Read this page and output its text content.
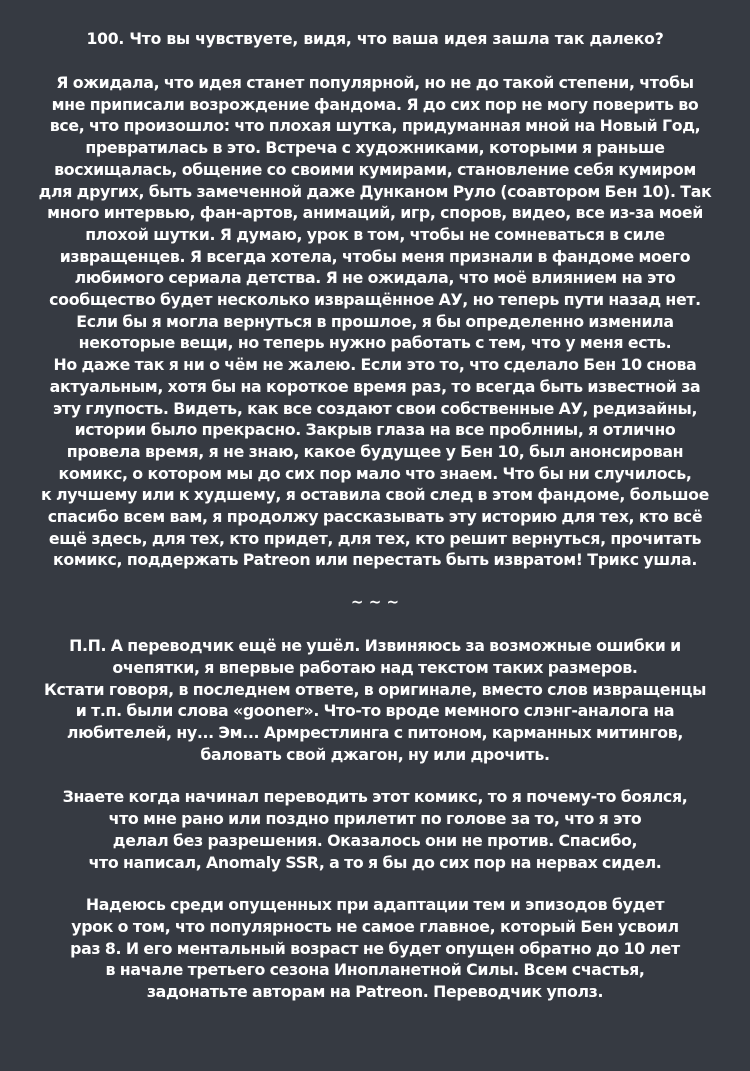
100. Что вы чувствуете, видя, что ваша идея зашла так далеко?
Я ожидала, что идея станет популярной, но не до такой степени, чтобы
мне приписали возрождение фандома. Я до сих пор не могу поверить во
все, что произошло: что плохая шутка, придуманная мной на Новый Год,
превратилась в это. Встреча с художниками, которыми я раньше
восхищалась, общение со своими кумирами, становление себя кумиром
для других, быть замеченной даже Дунканом Руло (соавтором Бен 10). Так
много интервью, фан-артов, анимаций, игр, споров, видео, все из-за моей
плохой шутки. Я думаю, урок в том, чтобы не сомневаться в силе
извращенцев. Я всегда хотела, чтобы меня признали в фандоме моего
любимого сериала детства. Я не ожидала, что моё влиянием на это
сообщество будет несколько извращённое АУ, но теперь пути назад нет.
Если бы я могла вернуться в прошлое, я бы определенно изменила
некоторые вещи, но теперь нужно работать с тем, что у меня есть.
Но даже так я ни о чём не жалею. Если это то, что сделало Бен 10 снова
актуальным, хотя бы на короткое время раз, то всегда быть известной за
эту глупость. Видеть, как все создают свои собственные АУ, редизайны,
истории было прекрасно. Закрыв глаза на все проблниы, я отлично
провела время, я не знаю, какое будущее у Бен 10, был анонсирован
комикс, о котором мы до сих пор мало что знаем. Что бы ни случилось,
к лучшему или к худшему, я оставила свой след в этом фандоме, большое
спасибо всем вам, я продолжу рассказывать эту историю для тех, кто всё
ещё здесь, для тех, кто придет, для тех, кто решит вернуться, прочитать
комикс, поддержать Patreon или перестать быть извратом! Трикс ушла.
~ ~ ~
П.П. А переводчик ещё не ушёл. Извиняюсь за возможные ошибки и
очепятки, я впервые работаю над текстом таких размеров.
Кстати говоря, в последнем ответе, в оригинале, вместо слов извращенцы
и т.п. были слова «gooner». Что-то вроде мемного слэнг-аналога на
любителей, ну... Эм... Армрестлинга с питоном, карманных митингов,
баловать свой джагон, ну или дрочить.
Знаете когда начинал переводить этот комикс, то я почему-то боялся,
что мне рано или поздно прилетит по голове за то, что я это
делал без разрешения. Оказалось они не против. Спасибо,
что написал, Anomaly SSR, а то я бы до сих пор на нервах сидел.
Надеюсь среди опущенных при адаптации тем и эпизодов будет
урок о том, что популярность не самое главное, который Бен усвоил
раз 8. И его ментальный возраст не будет опущен обратно до 10 лет
в начале третьего сезона Инопланетной Силы. Всем счастья,
задонатьте авторам на Patreon. Переводчик уполз.
